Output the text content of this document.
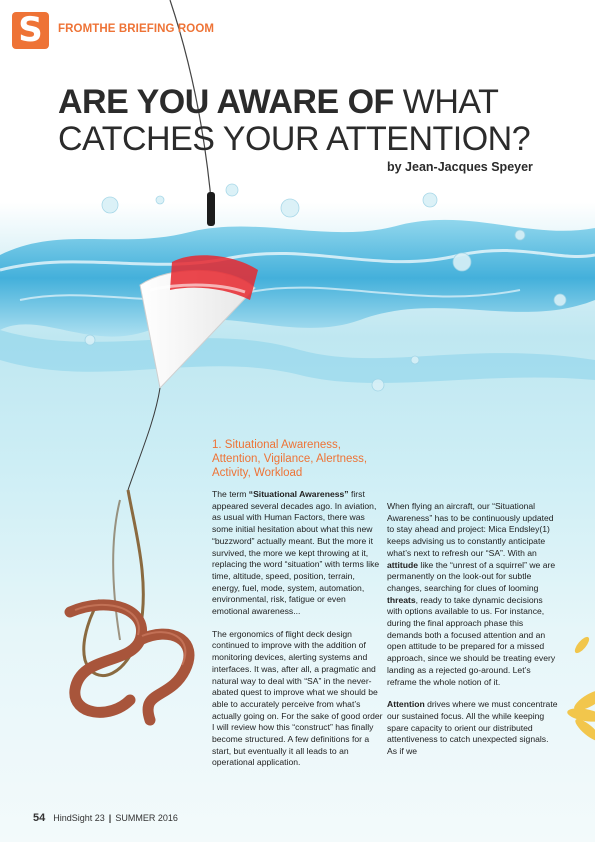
S	FROMTHE BRIEFING ROOM
ARE YOU AWARE OF WHAT
CATCHES YOUR ATTENTION?
by Jean-Jacques Speyer
1. Situational Awareness, Attention, Vigilance, Alertness, Activity, Workload

The term “Situational Awareness” first appeared several decades ago. In aviation, as usual with Human Factors, there was some initial hesitation about what this new “buzzword” actually meant. But the more it survived, the more we kept throwing at it, replacing the word “situation” with terms like time, altitude, speed, position, terrain, energy, fuel, mode, system, automation, environmental, risk, fatigue or even emotional awareness...

The ergonomics of flight deck design continued to improve with the addition of monitoring devices, alerting systems and interfaces. It was, after all, a pragmatic and natural way to deal with “SA” in the never-abated quest to improve what we should be able to accurately perceive from what’s actually going on. For the sake of good order I will review how this “construct” has finally become structured. A few definitions for a start, but eventually it all leads to an operational application.

When flying an aircraft, our “Situational Awareness” has to be continuously updated to stay ahead and project: Mica Endsley(1) keeps advising us to constantly anticipate what’s next to refresh our “SA”. With an attitude like the “unrest of a squirrel” we are permanently on the look-out for subtle changes, searching for clues of looming threats, ready to take dynamic decisions with options available to us. For instance, during the final approach phase this demands both a focused attention and an open attitude to be prepared for a missed approach, since we should be treating every landing as a rejected go-around. Let’s reframe the whole notion of it.

Attention drives where we must concentrate our sustained focus. All the while keeping spare capacity to orient our distributed attentiveness to catch unexpected signals. As if we

54 HindSight 23 | SUMMER 2016
